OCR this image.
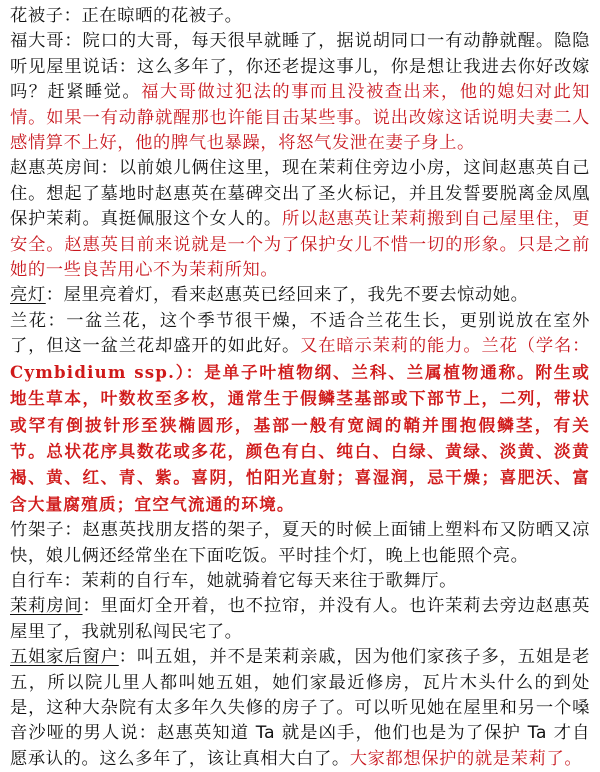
花被子：正在晾晒的花被子。

福大哥：院口的大哥，每天很早就睡了，据说胡同口一有动静就醒。隐隐听见屋里说话：这么多年了，你还老提这事儿，你是想让我进去你好改嫁吗？赶紧睡觉。福大哥做过犯法的事而且没被查出来，他的媳妇对此知情。如果一有动静就醒那也许能目击某些事。说出改嫁这话说明夫妻二人感情算不上好，他的脾气也暴躁，将怒气发泄在妻子身上。

赵惠英房间：以前娘儿俩住这里，现在茉莉住旁边小房，这间赵惠英自己住。想起了墓地时赵惠英在墓碑交出了圣火标记，并且发誓要脱离金凤凰保护茉莉。真挺佩服这个女人的。所以赵惠英让茉莉搬到自己屋里住，更安全。赵惠英目前来说就是一个为了保护女儿不惜一切的形象。只是之前她的一些良苦用心不为茉莉所知。

亮灯：屋里亮着灯，看来赵惠英已经回来了，我先不要去惊动她。

兰花：一盆兰花，这个季节很干燥，不适合兰花生长，更别说放在室外了，但这一盆兰花却盛开的如此好。又在暗示茉莉的能力。兰花（学名：Cymbidium ssp.）：是单子叶植物纲、兰科、兰属植物通称。附生或地生草本，叶数枚至多枚，通常生于假鳞茎基部或下部节上，二列，带状或罕有倒披针形至狭椭圆形，基部一般有宽阔的鞘并围抱假鳞茎，有关节。总状花序具数花或多花，颜色有白、纯白、白绿、黄绿、淡黄、淡黄褐、黄、红、青、紫。喜阴，怕阳光直射；喜湿润，忌干燥；喜肥沃、富含大量腐殖质；宜空气流通的环境。

竹架子：赵惠英找朋友搭的架子，夏天的时候上面铺上塑料布又防晒又凉快，娘儿俩还经常坐在下面吃饭。平时挂个灯，晚上也能照个亮。

自行车：茉莉的自行车，她就骑着它每天来往于歌舞厅。

茉莉房间：里面灯全开着，也不拉帘，并没有人。也许茉莉去旁边赵惠英屋里了，我就别私闯民宅了。

五姐家后窗户：叫五姐，并不是茉莉亲戚，因为他们家孩子多，五姐是老五，所以院儿里人都叫她五姐，她们家最近修房，瓦片木头什么的到处是，这种大杂院有太多年久失修的房子了。可以听见她在屋里和另一个嗓音沙哑的男人说：赵惠英知道 Ta 就是凶手，他们也是为了保护 Ta 才自愿承认的。这么多年了，该让真相大白了。大家都想保护的就是茉莉了。
